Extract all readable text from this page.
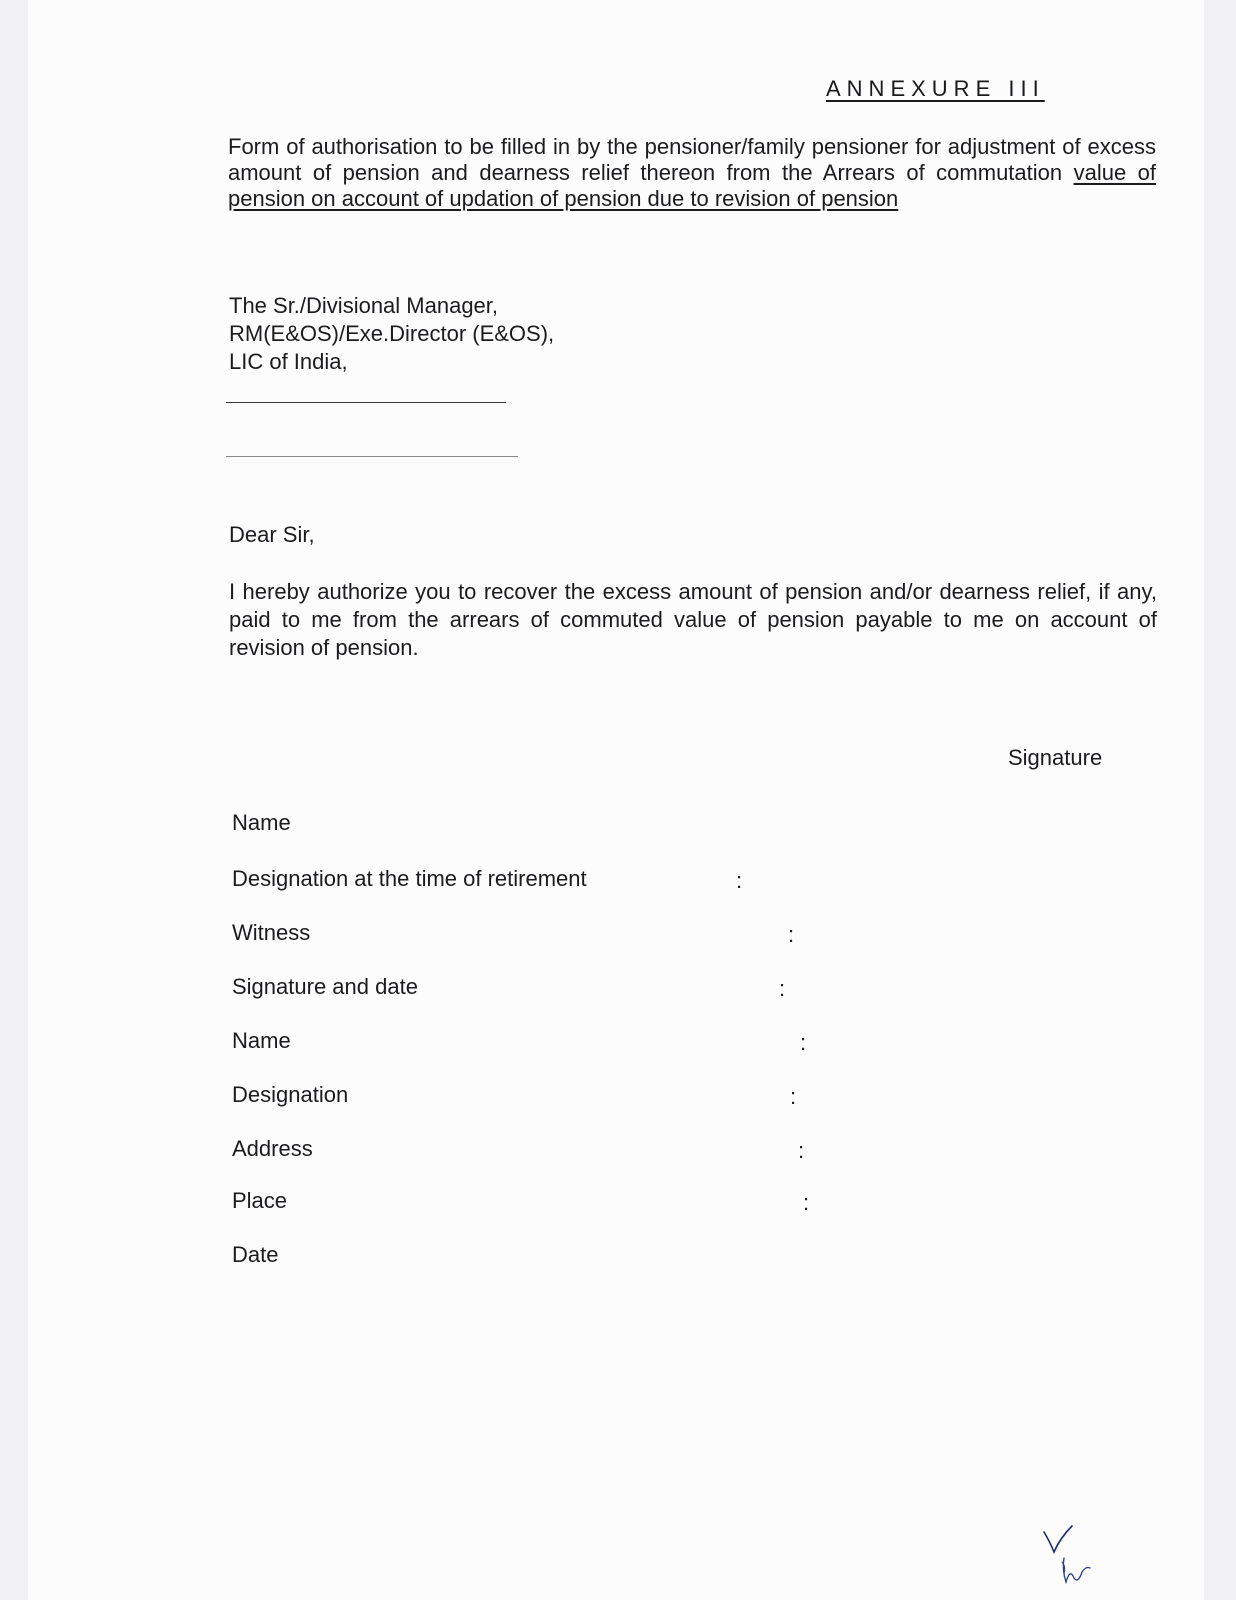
ANNEXURE III
Form of authorisation to be filled in by the pensioner/family pensioner for adjustment of excess amount of pension and dearness relief thereon from the Arrears of commutation value of pension on account of updation of pension due to revision of pension
The Sr./Divisional Manager,
RM(E&OS)/Exe.Director (E&OS),
LIC of India,
Dear Sir,
I hereby authorize you to recover the excess amount of pension and/or dearness relief, if any, paid to me from the arrears of commuted value of pension payable to me on account of revision of pension.
Signature
Name
Designation at the time of retirement	:
Witness	:
Signature and date	:
Name	:
Designation	:
Address	:
Place	:
Date
